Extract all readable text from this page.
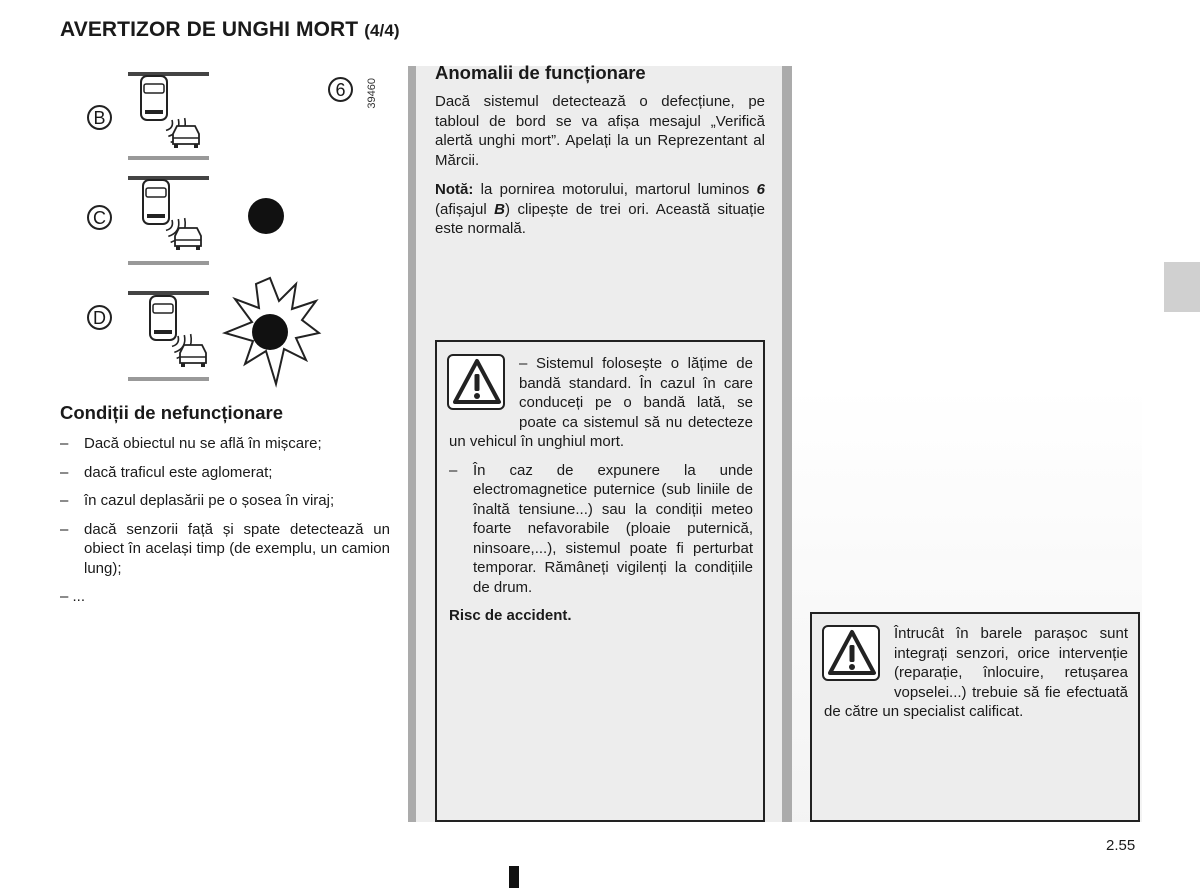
AVERTIZOR DE UNGHI MORT (4/4)
B
C
D
6	39460
Condiții de nefuncționare
– Dacă obiectul nu se află în mișcare;
– dacă traficul este aglomerat;
– în cazul deplasării pe o șosea în viraj;
– dacă senzorii față și spate detectează un obiect în același timp (de exemplu, un camion lung);
– ...
Anomalii de funcționare

Dacă sistemul detectează o defecțiune, pe tabloul de bord se va afișa mesajul „Verifică alertă unghi mort”. Apelați la un Reprezentant al Mărcii.

Notă: la pornirea motorului, martorul luminos 6 (afișajul B) clipește de trei ori. Această situație este normală.

– Sistemul folosește o lățime de bandă standard. În cazul în care conduceți pe o bandă lată, se poate ca sistemul să nu detecteze un vehicul în unghiul mort.

– În caz de expunere la unde electromagnetice puternice (sub liniile de înaltă tensiune...) sau la condiții meteo foarte nefavorabile (ploaie puternică, ninsoare,...), sistemul poate fi perturbat temporar. Rămâneți vigilenți la condițiile de drum.

Risc de accident.

Întrucât în barele parașoc sunt integrați senzori, orice intervenție (reparație, înlocuire, retușarea vopselei...) trebuie să fie efectuată de către un specialist calificat.

2.55
